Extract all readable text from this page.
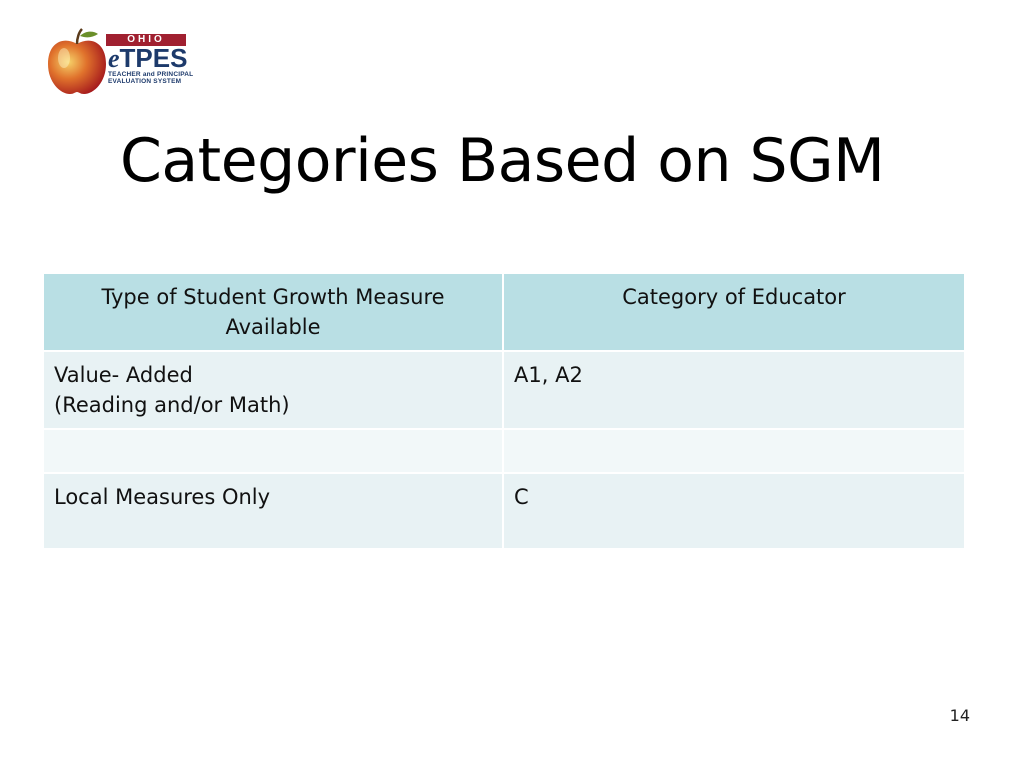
OHIO
eTPES
TEACHER and PRINCIPAL
EVALUATION SYSTEM
Categories Based on SGM
Type of Student Growth Measure Available	Category of Educator

Value- Added
(Reading and/or Math)	A1, A2

Local Measures Only	C
14
